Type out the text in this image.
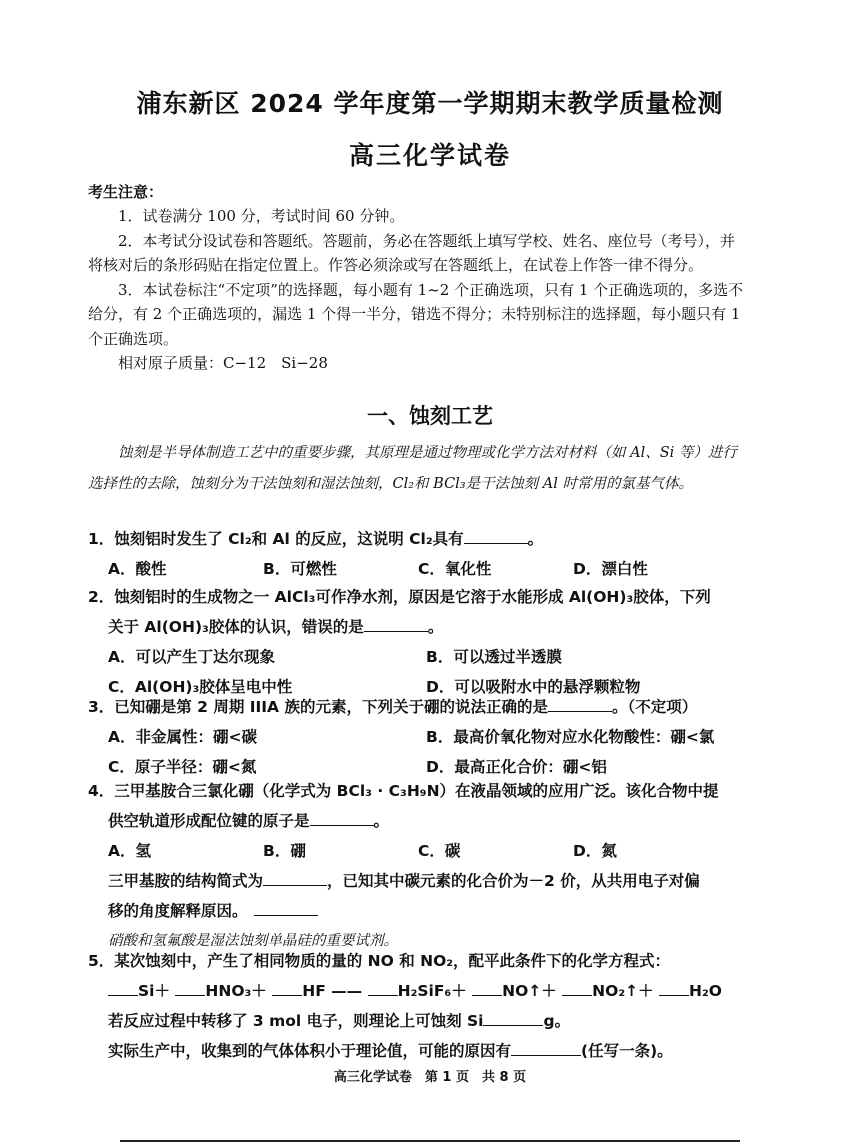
浦东新区 2024 学年度第一学期期末教学质量检测
高三化学试卷
考生注意：

1．试卷满分 100 分，考试时间 60 分钟。

2．本考试分设试卷和答题纸。答题前，务必在答题纸上填写学校、姓名、座位号（考号），并将核对后的条形码贴在指定位置上。作答必须涂或写在答题纸上，在试卷上作答一律不得分。

3．本试卷标注“不定项”的选择题，每小题有 1~2 个正确选项，只有 1 个正确选项的，多选不给分，有 2 个正确选项的，漏选 1 个得一半分，错选不得分；未特别标注的选择题，每小题只有 1 个正确选项。

相对原子质量：C−12　Si−28

一、蚀刻工艺
蚀刻是半导体制造工艺中的重要步骤，其原理是通过物理或化学方法对材料（如 Al、Si 等）进行选择性的去除，蚀刻分为干法蚀刻和湿法蚀刻，Cl₂和 BCl₃是干法蚀刻 Al 时常用的氯基气体。
1．蚀刻铝时发生了 Cl₂和 Al 的反应，这说明 Cl₂具有	。
A．酸性	B．可燃性	C．氧化性	D．漂白性
2．蚀刻铝时的生成物之一 AlCl₃可作净水剂，原因是它溶于水能形成 Al(OH)₃胶体，下列
关于 Al(OH)₃胶体的认识，错误的是	。
A．可以产生丁达尔现象	B．可以透过半透膜
C．Al(OH)₃胶体呈电中性	D．可以吸附水中的悬浮颗粒物
3．已知硼是第 2 周期 IIIA 族的元素，下列关于硼的说法正确的是	。（不定项）
A．非金属性：硼<碳	B．最高价氧化物对应水化物酸性：硼<氯
C．原子半径：硼<氮	D．最高正化合价：硼<铝
4．三甲基胺合三氯化硼（化学式为 BCl₃ · C₃H₉N）在液晶领域的应用广泛。该化合物中提
供空轨道形成配位键的原子是	。
A．氢	B．硼	C．碳	D．氮
三甲基胺的结构简式为	，已知其中碳元素的化合价为－2 价，从共用电子对偏
移的角度解释原因。
硝酸和氢氟酸是湿法蚀刻单晶硅的重要试剂。
5．某次蚀刻中，产生了相同物质的量的 NO 和 NO₂，配平此条件下的化学方程式：
Si＋ HNO₃＋ HF —— H₂SiF₆＋ NO↑＋ NO₂↑＋ H₂O
若反应过程中转移了 3 mol 电子，则理论上可蚀刻 Si	g。
实际生产中，收集到的气体体积小于理论值，可能的原因有	(任写一条)。
高三化学试卷　第 1 页　共 8 页
